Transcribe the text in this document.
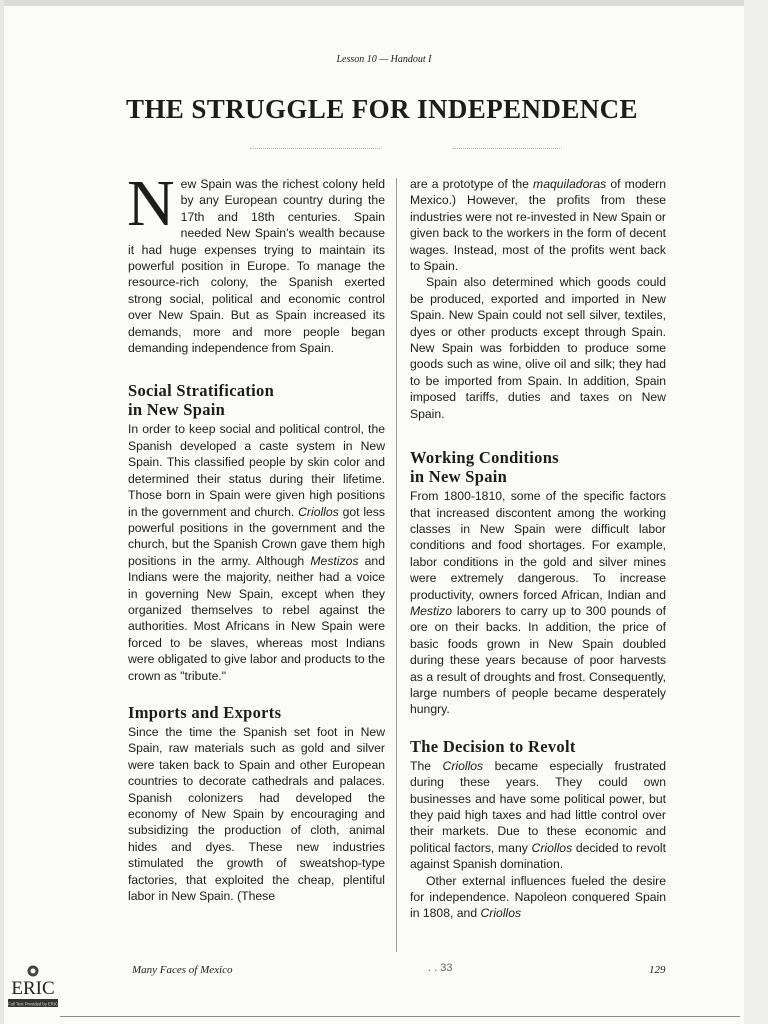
Lesson 10 — Handout I
THE STRUGGLE FOR INDEPENDENCE

New Spain was the richest colony held by any European country during the 17th and 18th centuries. Spain needed New Spain's wealth because it had huge expenses trying to maintain its powerful position in Europe. To manage the resource-rich colony, the Spanish exerted strong social, political and economic control over New Spain. But as Spain increased its demands, more and more people began demanding independence from Spain.

Social Stratification
in New Spain

In order to keep social and political control, the Spanish developed a caste system in New Spain. This classified people by skin color and determined their status during their lifetime. Those born in Spain were given high positions in the government and church. Criollos got less powerful positions in the government and the church, but the Spanish Crown gave them high positions in the army. Although Mestizos and Indians were the majority, neither had a voice in governing New Spain, except when they organized themselves to rebel against the authorities. Most Africans in New Spain were forced to be slaves, whereas most Indians were obligated to give labor and products to the crown as "tribute."

Imports and Exports

Since the time the Spanish set foot in New Spain, raw materials such as gold and silver were taken back to Spain and other European countries to decorate cathedrals and palaces. Spanish colonizers had developed the economy of New Spain by encouraging and subsidizing the production of cloth, animal hides and dyes. These new industries stimulated the growth of sweatshop-type factories, that exploited the cheap, plentiful labor in New Spain. (These

are a prototype of the maquiladoras of modern Mexico.) However, the profits from these industries were not re-invested in New Spain or given back to the workers in the form of decent wages. Instead, most of the profits went back to Spain.

Spain also determined which goods could be produced, exported and imported in New Spain. New Spain could not sell silver, textiles, dyes or other products except through Spain. New Spain was forbidden to produce some goods such as wine, olive oil and silk; they had to be imported from Spain. In addition, Spain imposed tariffs, duties and taxes on New Spain.

Working Conditions
in New Spain

From 1800-1810, some of the specific factors that increased discontent among the working classes in New Spain were difficult labor conditions and food shortages. For example, labor conditions in the gold and silver mines were extremely dangerous. To increase productivity, owners forced African, Indian and Mestizo laborers to carry up to 300 pounds of ore on their backs. In addition, the price of basic foods grown in New Spain doubled during these years because of poor harvests as a result of droughts and frost. Consequently, large numbers of people became desperately hungry.

The Decision to Revolt

The Criollos became especially frustrated during these years. They could own businesses and have some political power, but they paid high taxes and had little control over their markets. Due to these economic and political factors, many Criollos decided to revolt against Spanish domination.

Other external influences fueled the desire for independence. Napoleon conquered Spain in 1808, and Criollos

Many Faces of Mexico	. . 33	129
ERIC
Full Text Provided by ERIC
